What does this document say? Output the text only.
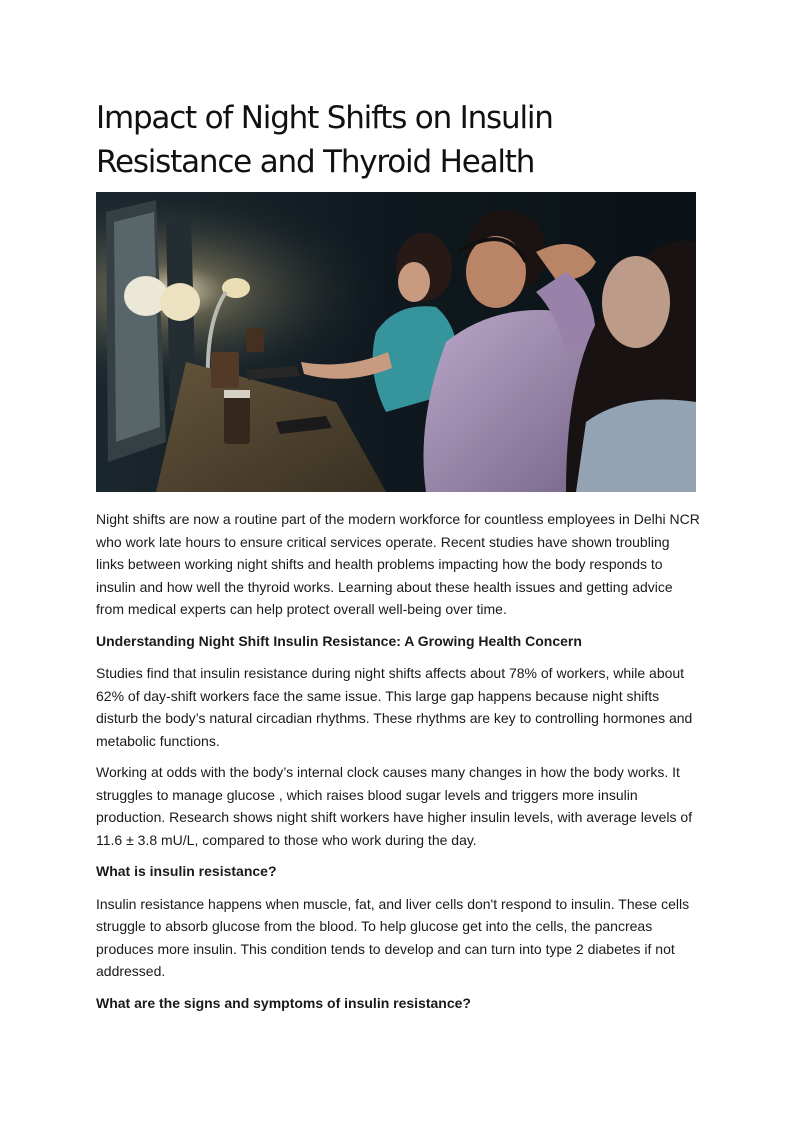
Impact of Night Shifts on Insulin Resistance and Thyroid Health

Night shifts are now a routine part of the modern workforce for countless employees in Delhi NCR who work late hours to ensure critical services operate. Recent studies have shown troubling links between working night shifts and health problems impacting how the body responds to insulin and how well the thyroid works. Learning about these health issues and getting advice from medical experts can help protect overall well-being over time.

Understanding Night Shift Insulin Resistance: A Growing Health Concern

Studies find that insulin resistance during night shifts affects about 78% of workers, while about 62% of day-shift workers face the same issue. This large gap happens because night shifts disturb the body’s natural circadian rhythms. These rhythms are key to controlling hormones and metabolic functions.

Working at odds with the body’s internal clock causes many changes in how the body works. It struggles to manage glucose , which raises blood sugar levels and triggers more insulin production. Research shows night shift workers have higher insulin levels, with average levels of 11.6 ± 3.8 mU/L, compared to those who work during the day.

What is insulin resistance?

Insulin resistance happens when muscle, fat, and liver cells don't respond to insulin. These cells struggle to absorb glucose from the blood. To help glucose get into the cells, the pancreas produces more insulin. This condition tends to develop and can turn into type 2 diabetes if not addressed.

What are the signs and symptoms of insulin resistance?
